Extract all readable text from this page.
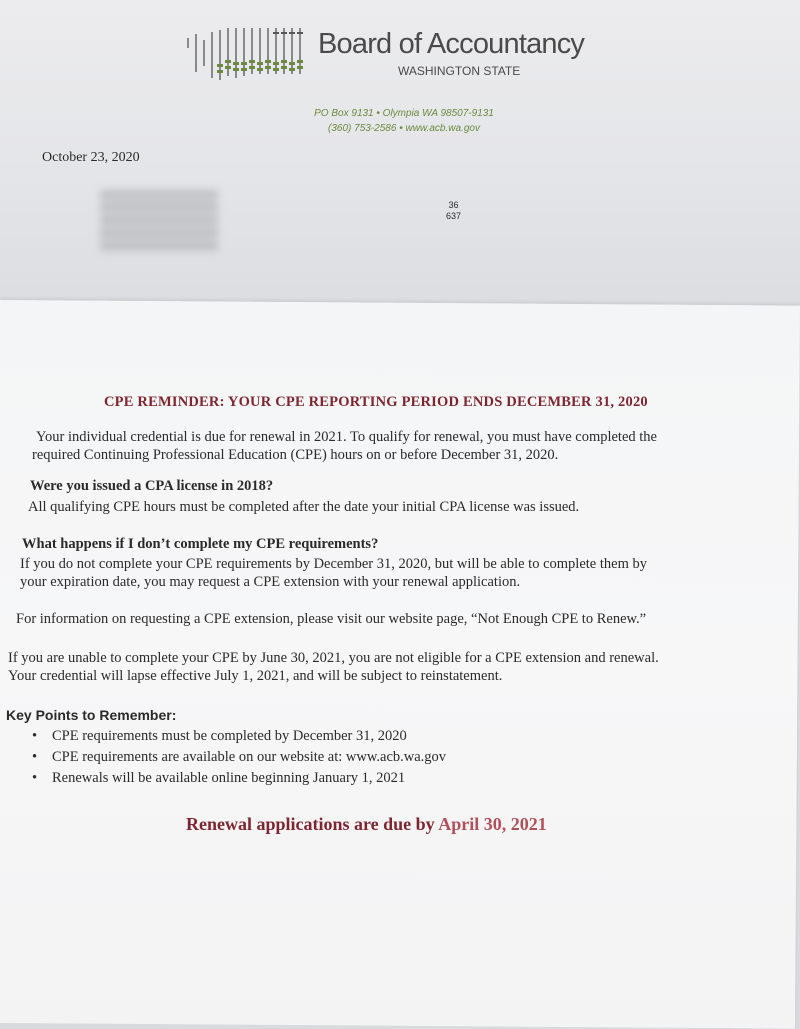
Board of Accountancy
WASHINGTON STATE
PO Box 9131 • Olympia WA 98507-9131
(360) 753-2586 • www.acb.wa.gov
October 23, 2020
36
637
CPE REMINDER: YOUR CPE REPORTING PERIOD ENDS DECEMBER 31, 2020

Your individual credential is due for renewal in 2021. To qualify for renewal, you must have completed the

required Continuing Professional Education (CPE) hours on or before December 31, 2020.

Were you issued a CPA license in 2018?
All qualifying CPE hours must be completed after the date your initial CPA license was issued.
What happens if I don’t complete my CPE requirements?

If you do not complete your CPE requirements by December 31, 2020, but will be able to complete them by

your expiration date, you may request a CPE extension with your renewal application.

For information on requesting a CPE extension, please visit our website page, “Not Enough CPE to Renew.”

If you are unable to complete your CPE by June 30, 2021, you are not eligible for a CPE extension and renewal.

Your credential will lapse effective July 1, 2021, and will be subject to reinstatement.

Key Points to Remember:
• CPE requirements must be completed by December 31, 2020
• CPE requirements are available on our website at: www.acb.wa.gov
• Renewals will be available online beginning January 1, 2021
Renewal applications are due by April 30, 2021
